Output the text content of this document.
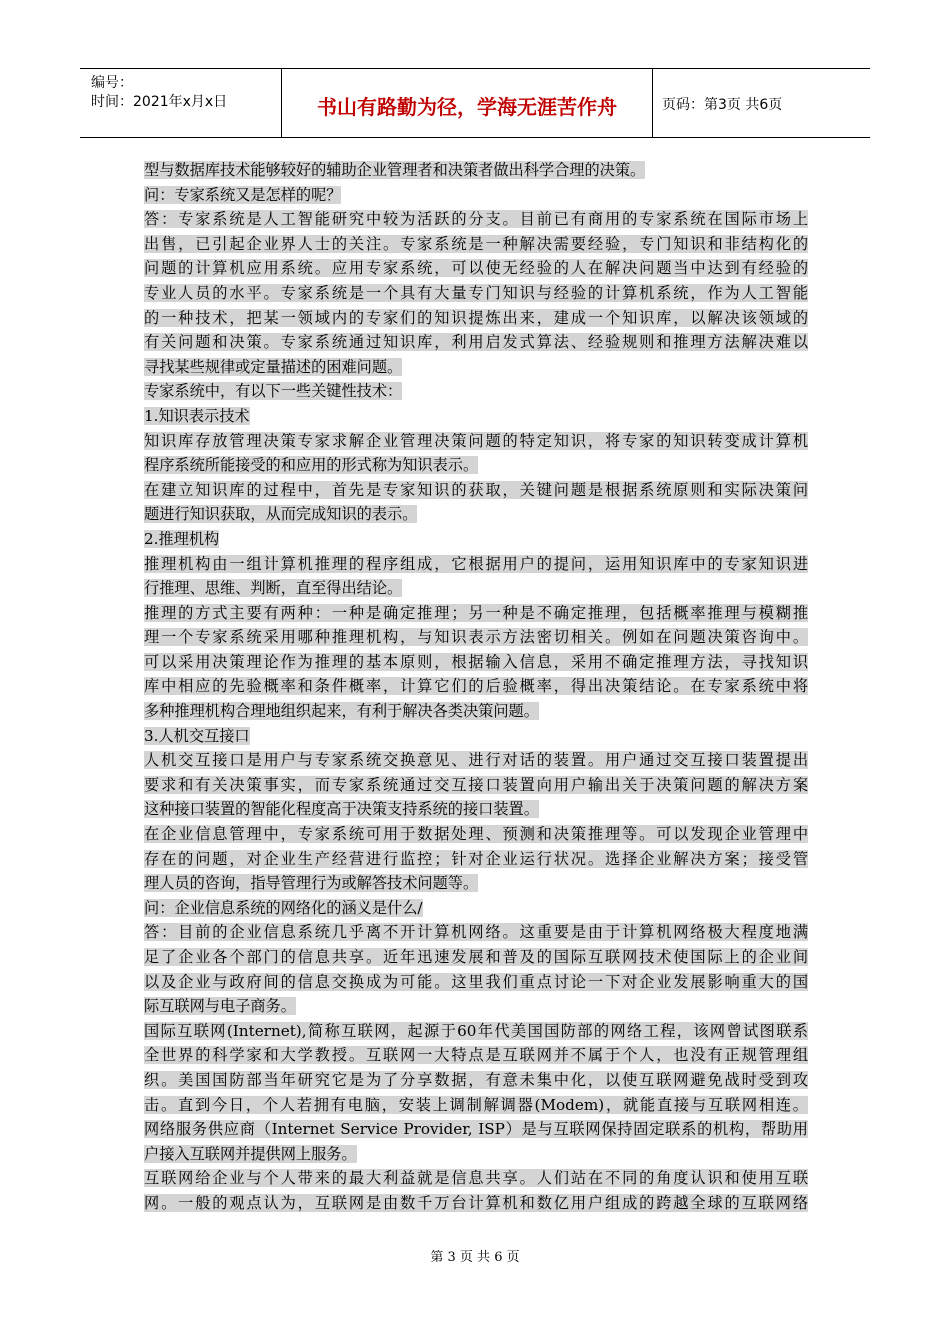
编号：
时间：2021年x月x日	书山有路勤为径，学海无涯苦作舟	页码：第3页 共6页
型与数据库技术能够较好的辅助企业管理者和决策者做出科学合理的决策。
问：专家系统又是怎样的呢？
答：专家系统是人工智能研究中较为活跃的分支。目前已有商用的专家系统在国际市场上
出售，已引起企业界人士的关注。专家系统是一种解决需要经验，专门知识和非结构化的
问题的计算机应用系统。应用专家系统，可以使无经验的人在解决问题当中达到有经验的
专业人员的水平。专家系统是一个具有大量专门知识与经验的计算机系统，作为人工智能
的一种技术，把某一领域内的专家们的知识提炼出来，建成一个知识库，以解决该领域的
有关问题和决策。专家系统通过知识库，利用启发式算法、经验规则和推理方法解决难以
寻找某些规律或定量描述的困难问题。
专家系统中，有以下一些关键性技术：
1.知识表示技术
知识库存放管理决策专家求解企业管理决策问题的特定知识，将专家的知识转变成计算机
程序系统所能接受的和应用的形式称为知识表示。
在建立知识库的过程中，首先是专家知识的获取，关键问题是根据系统原则和实际决策问
题进行知识获取，从而完成知识的表示。
2.推理机构
推理机构由一组计算机推理的程序组成，它根据用户的提问，运用知识库中的专家知识进
行推理、思维、判断，直至得出结论。
推理的方式主要有两种：一种是确定推理；另一种是不确定推理，包括概率推理与模糊推
理一个专家系统采用哪种推理机构，与知识表示方法密切相关。例如在问题决策咨询中。
可以采用决策理论作为推理的基本原则，根据输入信息，采用不确定推理方法，寻找知识
库中相应的先验概率和条件概率，计算它们的后验概率，得出决策结论。在专家系统中将
多种推理机构合理地组织起来，有利于解决各类决策问题。
3.人机交互接口
人机交互接口是用户与专家系统交换意见、进行对话的装置。用户通过交互接口装置提出
要求和有关决策事实，而专家系统通过交互接口装置向用户输出关于决策问题的解决方案
这种接口装置的智能化程度高于决策支持系统的接口装置。
在企业信息管理中，专家系统可用于数据处理、预测和决策推理等。可以发现企业管理中
存在的问题，对企业生产经营进行监控；针对企业运行状况。选择企业解决方案；接受管
理人员的咨询，指导管理行为或解答技术问题等。
问：企业信息系统的网络化的涵义是什么/
答：目前的企业信息系统几乎离不开计算机网络。这重要是由于计算机网络极大程度地满
足了企业各个部门的信息共享。近年迅速发展和普及的国际互联网技术使国际上的企业间
以及企业与政府间的信息交换成为可能。这里我们重点讨论一下对企业发展影响重大的国
际互联网与电子商务。
国际互联网(Internet),简称互联网，起源于60年代美国国防部的网络工程，该网曾试图联系
全世界的科学家和大学教授。互联网一大特点是互联网并不属于个人，也没有正规管理组
织。美国国防部当年研究它是为了分享数据，有意未集中化，以使互联网避免战时受到攻
击。直到今日，个人若拥有电脑，安装上调制解调器(Modem)，就能直接与互联网相连。
网络服务供应商（Internet Service Provider, ISP）是与互联网保持固定联系的机构，帮助用
户接入互联网并提供网上服务。
互联网给企业与个人带来的最大利益就是信息共享。人们站在不同的角度认识和使用互联
网。一般的观点认为，互联网是由数千万台计算机和数亿用户组成的跨越全球的互联网络
第 3 页 共 6 页
